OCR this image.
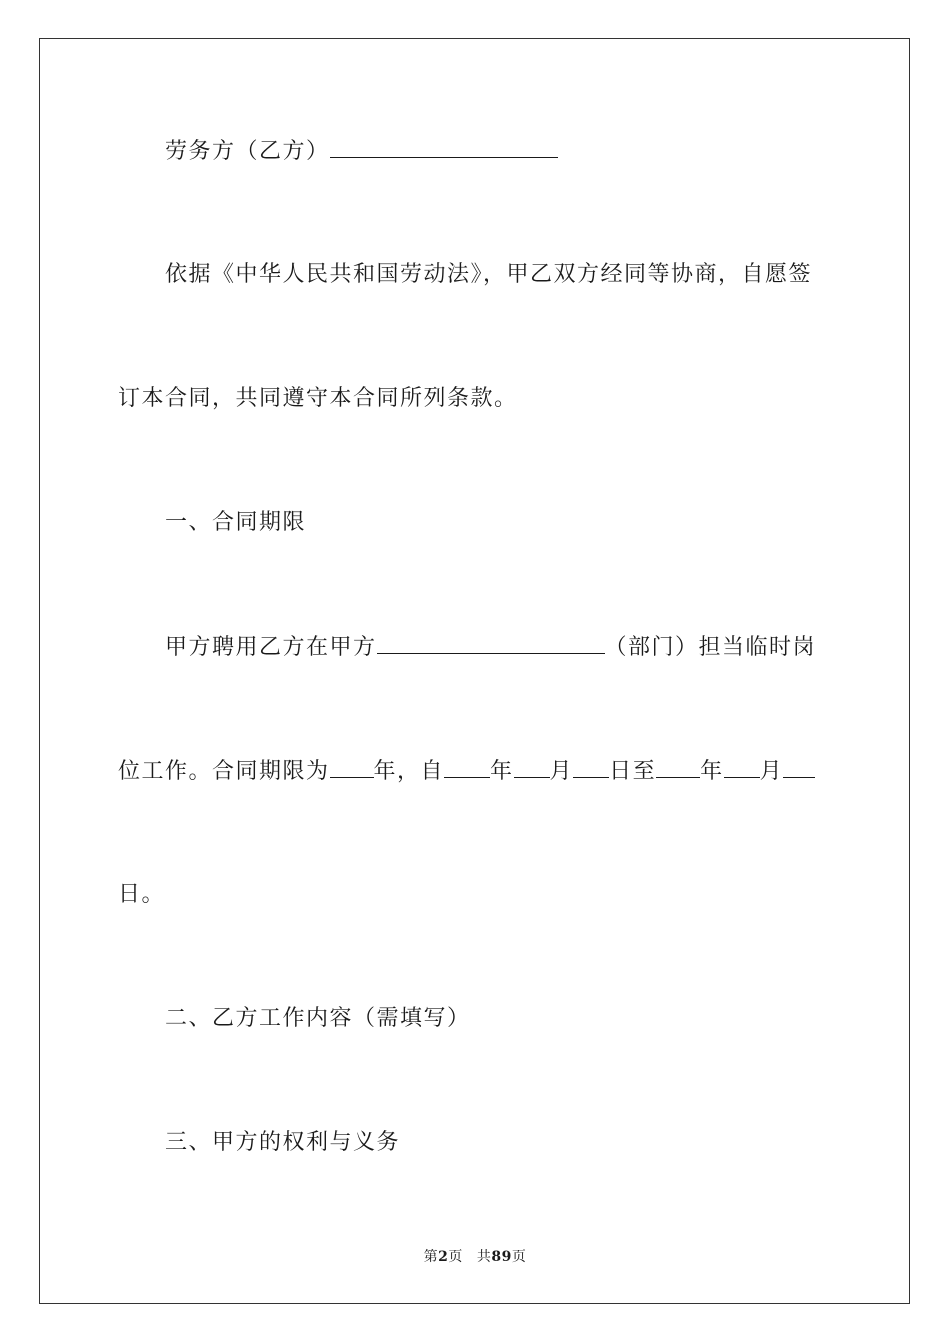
劳务方（乙方）
依据《中华人民共和国劳动法》，甲乙双方经同等协商，自愿签
订本合同，共同遵守本合同所列条款。
一、合同期限
甲方聘用乙方在甲方	（部门）担当临时岗
位工作。合同期限为 年，自 年 月 日至 年 月
日。
二、乙方工作内容（需填写）
三、甲方的权利与义务
第2页 共89页
